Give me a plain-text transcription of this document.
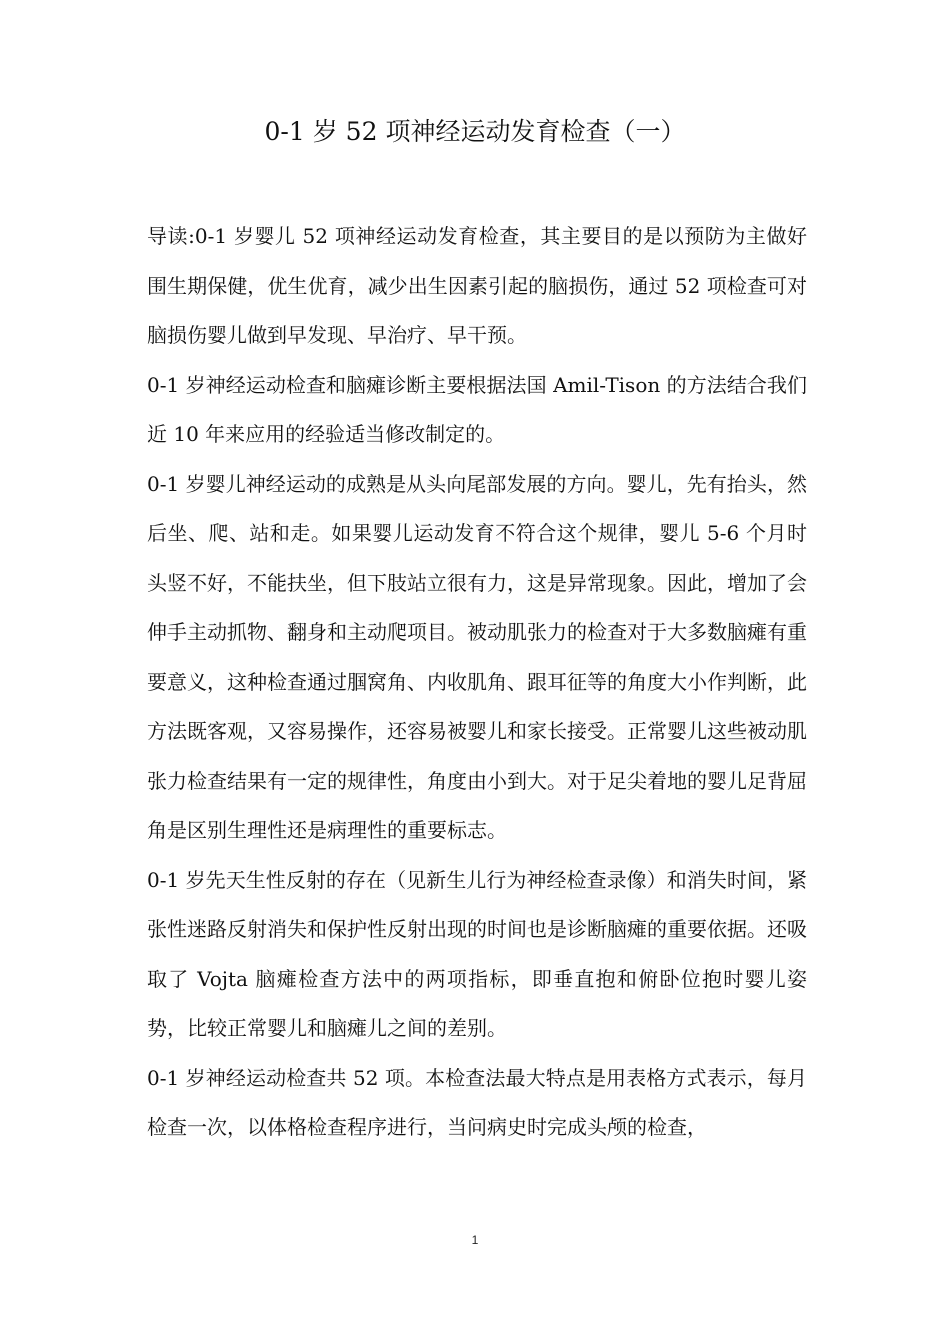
0-1 岁 52 项神经运动发育检查（一）

导读:0-1 岁婴儿 52 项神经运动发育检查，其主要目的是以预防为主做好围生期保健，优生优育，减少出生因素引起的脑损伤，通过 52 项检查可对脑损伤婴儿做到早发现、早治疗、早干预。

0-1 岁神经运动检查和脑瘫诊断主要根据法国 Amil-Tison 的方法结合我们近 10 年来应用的经验适当修改制定的。

0-1 岁婴儿神经运动的成熟是从头向尾部发展的方向。婴儿，先有抬头，然后坐、爬、站和走。如果婴儿运动发育不符合这个规律，婴儿 5-6 个月时头竖不好，不能扶坐，但下肢站立很有力，这是异常现象。因此，增加了会伸手主动抓物、翻身和主动爬项目。被动肌张力的检查对于大多数脑瘫有重要意义，这种检查通过腘窝角、内收肌角、跟耳征等的角度大小作判断，此方法既客观，又容易操作，还容易被婴儿和家长接受。正常婴儿这些被动肌张力检查结果有一定的规律性，角度由小到大。对于足尖着地的婴儿足背屈角是区别生理性还是病理性的重要标志。

0-1 岁先天生性反射的存在（见新生儿行为神经检查录像）和消失时间，紧张性迷路反射消失和保护性反射出现的时间也是诊断脑瘫的重要依据。还吸取了 Vojta 脑瘫检查方法中的两项指标，即垂直抱和俯卧位抱时婴儿姿势，比较正常婴儿和脑瘫儿之间的差别。

0-1 岁神经运动检查共 52 项。本检查法最大特点是用表格方式表示，每月检查一次，以体格检查程序进行，当问病史时完成头颅的检查，

1
